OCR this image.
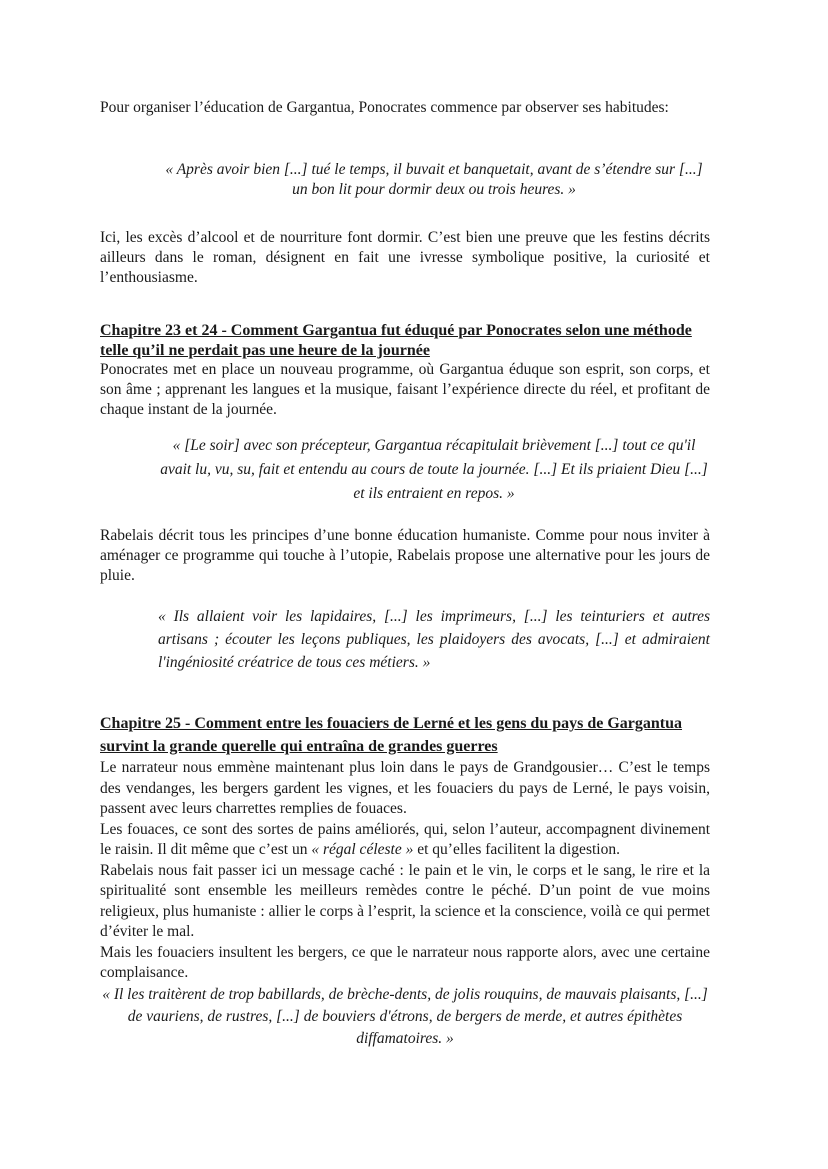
Pour organiser l’éducation de Gargantua, Ponocrates commence par observer ses habitudes:

« Après avoir bien [...] tué le temps, il buvait et banquetait, avant de s’étendre sur [...] un bon lit pour dormir deux ou trois heures. »

Ici, les excès d’alcool et de nourriture font dormir. C’est bien une preuve que les festins décrits ailleurs dans le roman, désignent en fait une ivresse symbolique positive, la curiosité et l’enthousiasme.

Chapitre 23 et 24 - Comment Gargantua fut éduqué par Ponocrates selon une méthode telle qu’il ne perdait pas une heure de la journée

Ponocrates met en place un nouveau programme, où Gargantua éduque son esprit, son corps, et son âme ; apprenant les langues et la musique, faisant l’expérience directe du réel, et profitant de chaque instant de la journée.

« [Le soir] avec son précepteur, Gargantua récapitulait brièvement [...] tout ce qu'il avait lu, vu, su, fait et entendu au cours de toute la journée. [...] Et ils priaient Dieu [...] et ils entraient en repos. »

Rabelais décrit tous les principes d’une bonne éducation humaniste. Comme pour nous inviter à aménager ce programme qui touche à l’utopie, Rabelais propose une alternative pour les jours de pluie.

« Ils allaient voir les lapidaires, [...] les imprimeurs, [...] les teinturiers et autres artisans ; écouter les leçons publiques, les plaidoyers des avocats, [...] et admiraient l'ingéniosité créatrice de tous ces métiers. »

Chapitre 25 - Comment entre les fouaciers de Lerné et les gens du pays de Gargantua survint la grande querelle qui entraîna de grandes guerres

Le narrateur nous emmène maintenant plus loin dans le pays de Grandgousier… C’est le temps des vendanges, les bergers gardent les vignes, et les fouaciers du pays de Lerné, le pays voisin, passent avec leurs charrettes remplies de fouaces.

Les fouaces, ce sont des sortes de pains améliorés, qui, selon l’auteur, accompagnent divinement le raisin. Il dit même que c’est un « régal céleste » et qu’elles facilitent la digestion.

Rabelais nous fait passer ici un message caché : le pain et le vin, le corps et le sang, le rire et la spiritualité sont ensemble les meilleurs remèdes contre le péché. D’un point de vue moins religieux, plus humaniste : allier le corps à l’esprit, la science et la conscience, voilà ce qui permet d’éviter le mal.

Mais les fouaciers insultent les bergers, ce que le narrateur nous rapporte alors, avec une certaine complaisance.

« Il les traitèrent de trop babillards, de brèche-dents, de jolis rouquins, de mauvais plaisants, [...] de vauriens, de rustres, [...] de bouviers d'étrons, de bergers de merde, et autres épithètes diffamatoires. »
